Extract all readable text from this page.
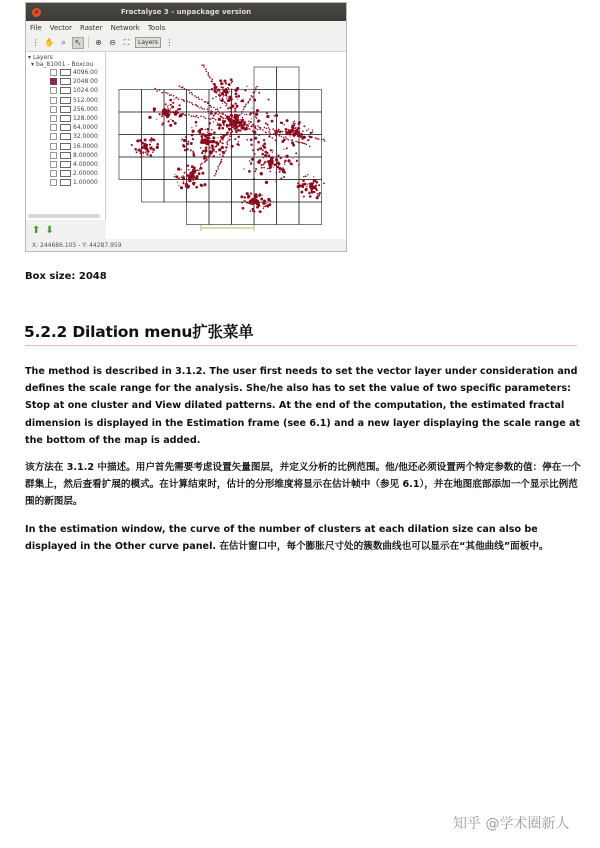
✕	Fractalyse 3 - unpackage version
File Vector Raster Network Tools
⋮ ✋ ⌕	↖	⊕ ⊖ ⛶	Layers ⋮
▾ Layers
▾ ba_81001 - Boxcou
4096.00
2048.00
1024.00
512.000
256.000
128.000
64.0000
32.0000
16.0000
8.00000
4.00000
2.00000
1.00000
⬆ ⬇
X: 244686.105 - Y: 44287.959
Box size: 2048
5.2.2 Dilation menu扩张菜单

The method is described in 3.1.2. The user first needs to set the vector layer under consideration and defines the scale range for the analysis. She/he also has to set the value of two specific parameters: Stop at one cluster and View dilated patterns. At the end of the computation, the estimated fractal dimension is displayed in the Estimation frame (see 6.1) and a new layer displaying the scale range at the bottom of the map is added.

该方法在 3.1.2 中描述。用户首先需要考虑设置矢量图层，并定义分析的比例范围。他/他还必须设置两个特定参数的值：停在一个群集上，然后查看扩展的模式。在计算结束时，估计的分形维度将显示在估计帧中（参见 6.1），并在地图底部添加一个显示比例范围的新图层。

In the estimation window, the curve of the number of clusters at each dilation size can also be displayed in the Other curve panel. 在估计窗口中，每个膨胀尺寸处的簇数曲线也可以显示在“其他曲线”面板中。

知乎 @学术圈新人
